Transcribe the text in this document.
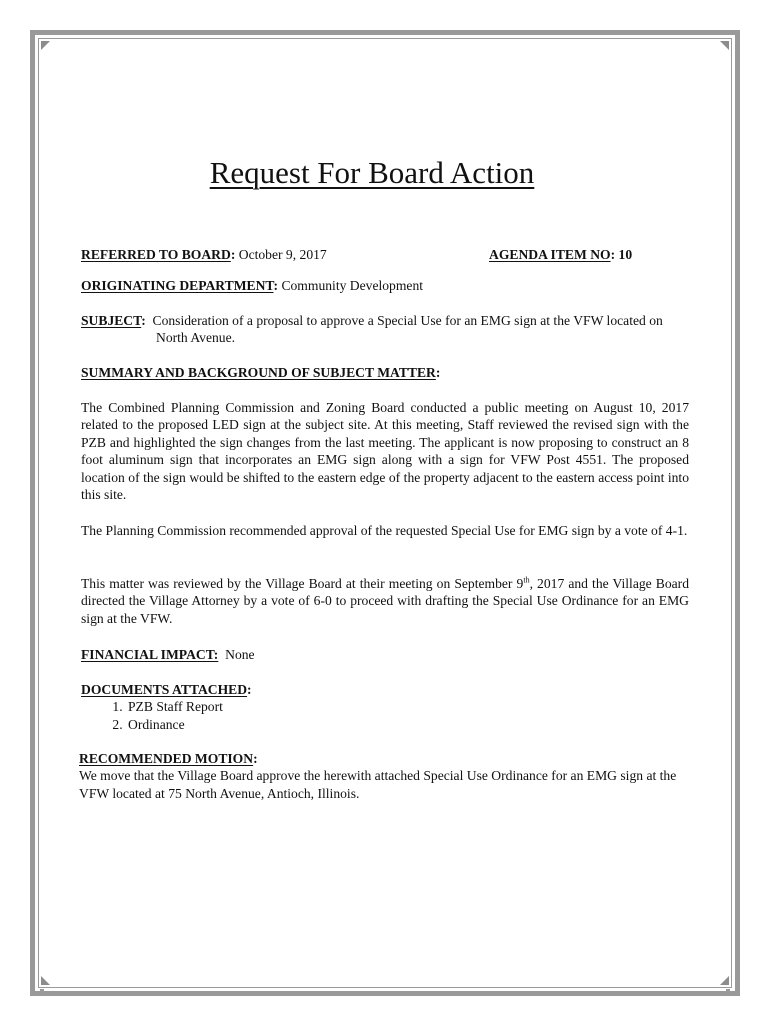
Request For Board Action
REFERRED TO BOARD: October 9, 2017	AGENDA ITEM NO: 10
ORIGINATING DEPARTMENT: Community Development
SUBJECT: Consideration of a proposal to approve a Special Use for an EMG sign at the VFW located on North Avenue.
SUMMARY AND BACKGROUND OF SUBJECT MATTER:
The Combined Planning Commission and Zoning Board conducted a public meeting on August 10, 2017 related to the proposed LED sign at the subject site. At this meeting, Staff reviewed the revised sign with the PZB and highlighted the sign changes from the last meeting. The applicant is now proposing to construct an 8 foot aluminum sign that incorporates an EMG sign along with a sign for VFW Post 4551. The proposed location of the sign would be shifted to the eastern edge of the property adjacent to the eastern access point into this site.
The Planning Commission recommended approval of the requested Special Use for EMG sign by a vote of 4-1.
This matter was reviewed by the Village Board at their meeting on September 9th, 2017 and the Village Board directed the Village Attorney by a vote of 6-0 to proceed with drafting the Special Use Ordinance for an EMG sign at the VFW.
FINANCIAL IMPACT: None
DOCUMENTS ATTACHED:
1. PZB Staff Report
2. Ordinance
RECOMMENDED MOTION:
We move that the Village Board approve the herewith attached Special Use Ordinance for an EMG sign at the VFW located at 75 North Avenue, Antioch, Illinois.
